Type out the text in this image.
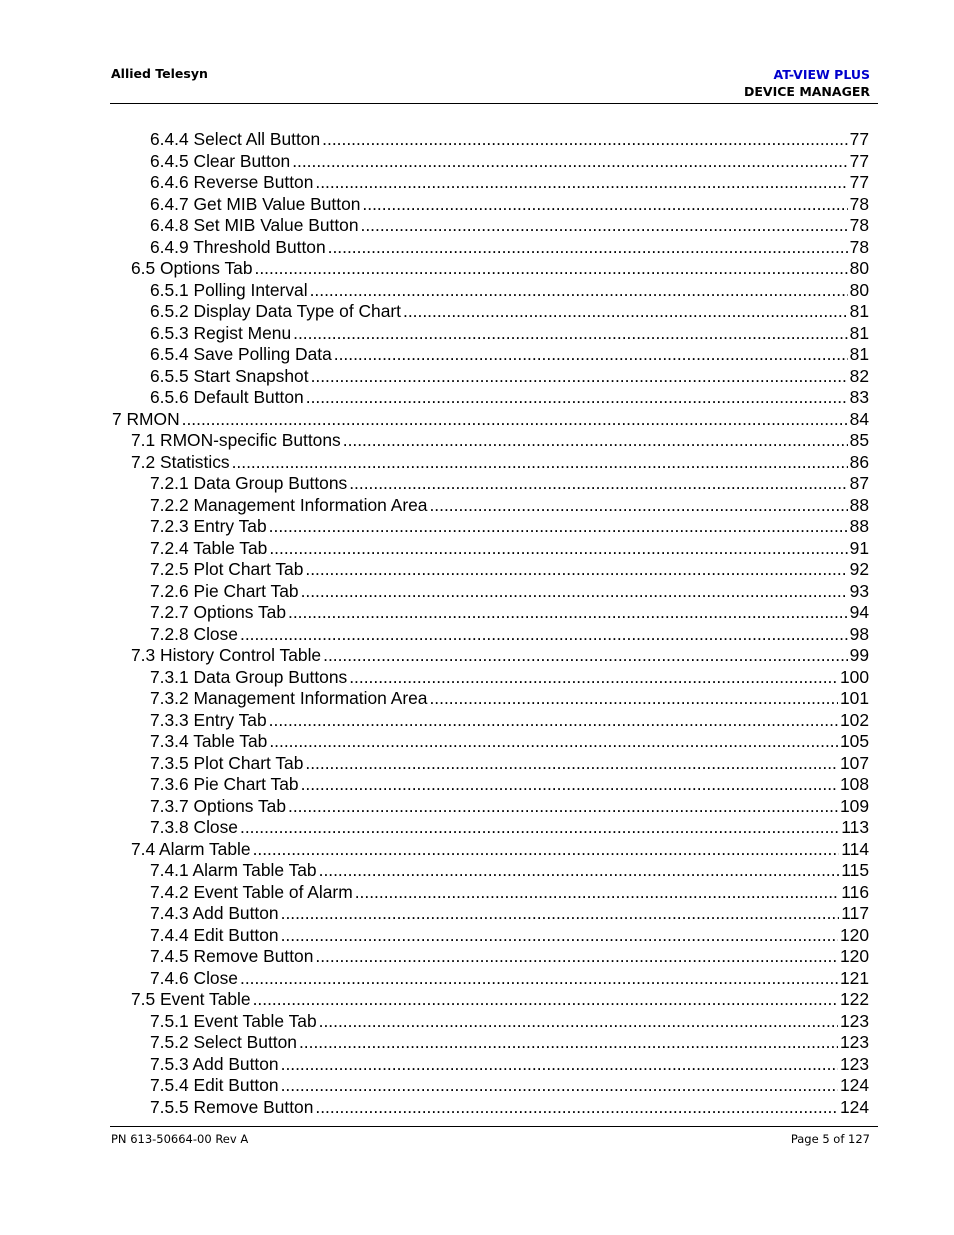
Allied Telesyn	AT-VIEW PLUS
DEVICE MANAGER
6.4.4 Select All Button .....	77
6.4.5 Clear Button .....	77
6.4.6 Reverse Button .....	77
6.4.7 Get MIB Value Button .....	78
6.4.8 Set MIB Value Button .....	78
6.4.9 Threshold Button .....	78
6.5 Options Tab .....	80
6.5.1 Polling Interval .....	80
6.5.2 Display Data Type of Chart .....	81
6.5.3 Regist Menu .....	81
6.5.4 Save Polling Data .....	81
6.5.5 Start Snapshot .....	82
6.5.6 Default Button .....	83
7 RMON .....	84
7.1 RMON-specific Buttons .....	85
7.2 Statistics .....	86
7.2.1 Data Group Buttons .....	87
7.2.2 Management Information Area .....	88
7.2.3 Entry Tab .....	88
7.2.4 Table Tab .....	91
7.2.5 Plot Chart Tab .....	92
7.2.6 Pie Chart Tab .....	93
7.2.7 Options Tab .....	94
7.2.8 Close .....	98
7.3 History Control Table .....	99
7.3.1 Data Group Buttons .....	100
7.3.2 Management Information Area .....	101
7.3.3 Entry Tab .....	102
7.3.4 Table Tab .....	105
7.3.5 Plot Chart Tab .....	107
7.3.6 Pie Chart Tab .....	108
7.3.7 Options Tab .....	109
7.3.8 Close .....	113
7.4 Alarm Table .....	114
7.4.1 Alarm Table Tab .....	115
7.4.2 Event Table of Alarm .....	116
7.4.3 Add Button .....	117
7.4.4 Edit Button .....	120
7.4.5 Remove Button .....	120
7.4.6 Close .....	121
7.5 Event Table .....	122
7.5.1 Event Table Tab .....	123
7.5.2 Select Button .....	123
7.5.3 Add Button .....	123
7.5.4 Edit Button .....	124
7.5.5 Remove Button .....	124
PN 613-50664-00 Rev A	Page 5 of 127
